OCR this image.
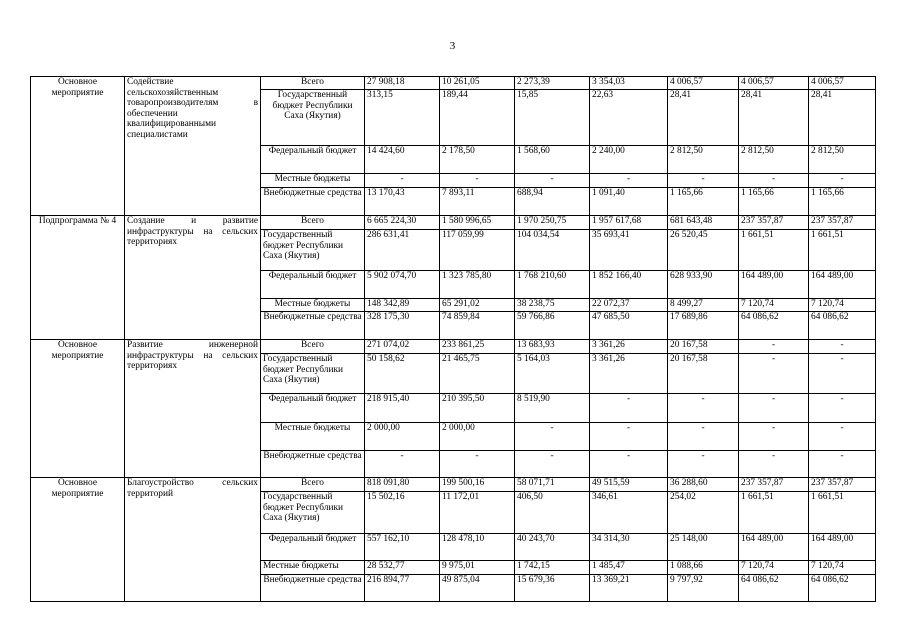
3
Основное мероприятие	Содействие сельскохозяйственным товаропроизводителям в обеспечении квалифицированными специалистами	Всего	27 908,18	10 261,05	2 273,39	3 354,03	4 006,57	4 006,57	4 006,57
		Государственный бюджет Республики Саха (Якутия)	313,15	189,44	15,85	22,63	28,41	28,41	28,41
		Федеральный бюджет	14 424,60	2 178,50	1 568,60	2 240,00	2 812,50	2 812,50	2 812,50
		Местные бюджеты	-	-	-	-	-	-	-
		Внебюджетные средства	13 170,43	7 893,11	688,94	1 091,40	1 165,66	1 165,66	1 165,66
Подпрограмма № 4	Создание и развитие инфраструктуры на сельских территориях	Всего	6 665 224,30	1 580 996,65	1 970 250,75	1 957 617,68	681 643,48	237 357,87	237 357,87
		Государственный бюджет Республики Саха (Якутия)	286 631,41	117 059,99	104 034,54	35 693,41	26 520,45	1 661,51	1 661,51
		Федеральный бюджет	5 902 074,70	1 323 785,80	1 768 210,60	1 852 166,40	628 933,90	164 489,00	164 489,00
		Местные бюджеты	148 342,89	65 291,02	38 238,75	22 072,37	8 499,27	7 120,74	7 120,74
		Внебюджетные средства	328 175,30	74 859,84	59 766,86	47 685,50	17 689,86	64 086,62	64 086,62
Основное мероприятие	Развитие инженерной инфраструктуры на сельских территориях	Всего	271 074,02	233 861,25	13 683,93	3 361,26	20 167,58	-	-
		Государственный бюджет Республики Саха (Якутия)	50 158,62	21 465,75	5 164,03	3 361,26	20 167,58	-	-
		Федеральный бюджет	218 915,40	210 395,50	8 519,90	-	-	-	-
		Местные бюджеты	2 000,00	2 000,00	-	-	-	-	-
		Внебюджетные средства	-	-	-	-	-	-	-
Основное мероприятие	Благоустройство сельских территорий	Всего	818 091,80	199 500,16	58 071,71	49 515,59	36 288,60	237 357,87	237 357,87
		Государственный бюджет Республики Саха (Якутия)	15 502,16	11 172,01	406,50	346,61	254,02	1 661,51	1 661,51
		Федеральный бюджет	557 162,10	128 478,10	40 243,70	34 314,30	25 148,00	164 489,00	164 489,00
		Местные бюджеты	28 532,77	9 975,01	1 742,15	1 485,47	1 088,66	7 120,74	7 120,74
		Внебюджетные средства	216 894,77	49 875,04	15 679,36	13 369,21	9 797,92	64 086,62	64 086,62
